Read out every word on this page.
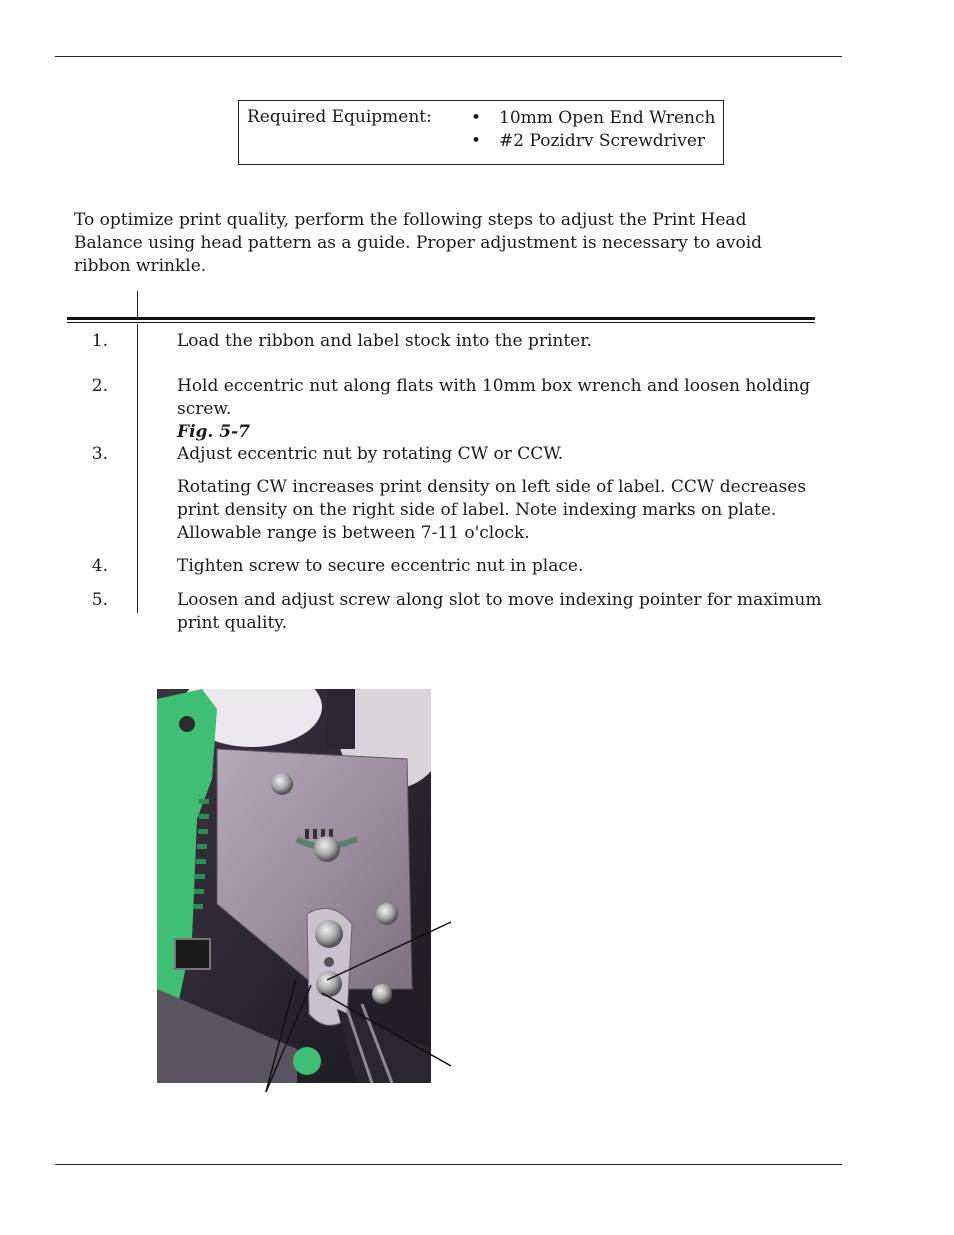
Required Equipment: • 10mm Open End Wrench
• #2 Pozidrv Screwdriver
To optimize print quality, perform the following steps to adjust the Print Head Balance using head pattern as a guide. Proper adjustment is necessary to avoid ribbon wrinkle.
1.	Load the ribbon and label stock into the printer.
2.	Hold eccentric nut along flats with 10mm box wrench and loosen holding screw.
Fig. 5-7
3.	Adjust eccentric nut by rotating CW or CCW.
Rotating CW increases print density on left side of label. CCW decreases print density on the right side of label. Note indexing marks on plate. Allowable range is between 7-11 o'clock.
4.	Tighten screw to secure eccentric nut in place.
5.	Loosen and adjust screw along slot to move indexing pointer for maximum print quality.
